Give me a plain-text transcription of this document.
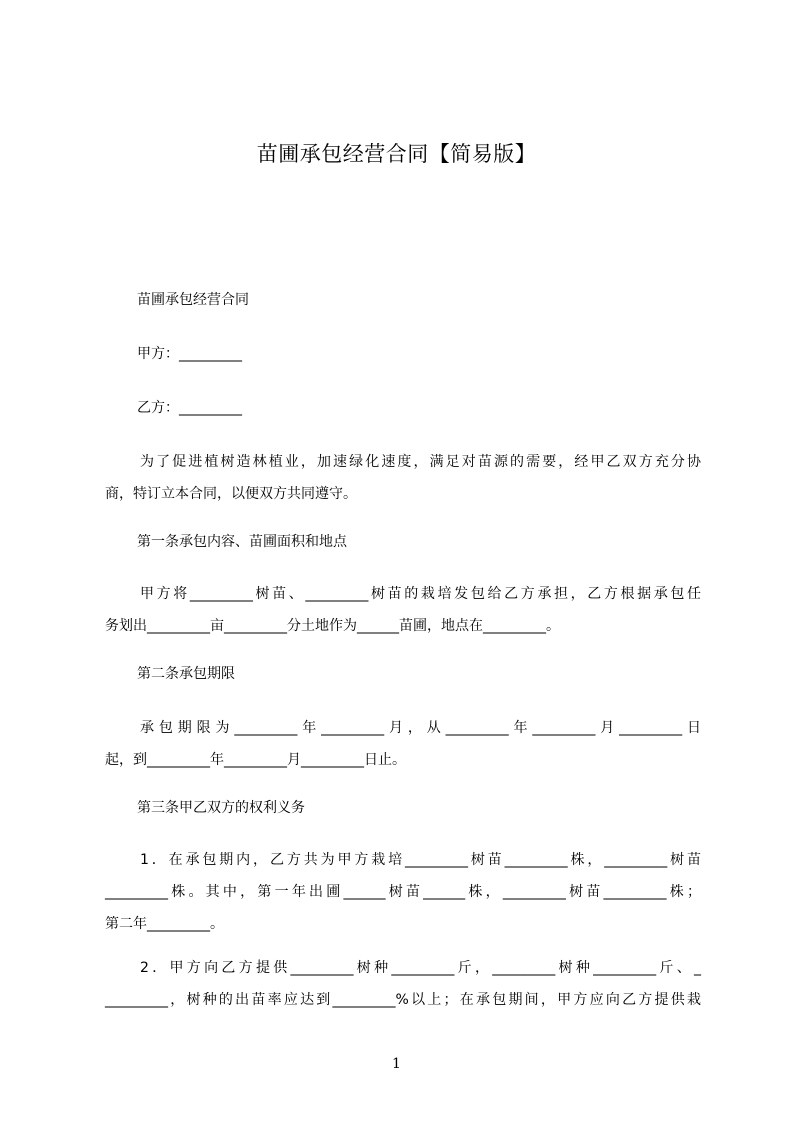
苗圃承包经营合同【简易版】
苗圃承包经营合同
甲方：_________
乙方：_________
为了促进植树造林植业，加速绿化速度，满足对苗源的需要，经甲乙双方充分协
商，特订立本合同，以便双方共同遵守。
第一条承包内容、苗圃面积和地点
甲方将_________树苗、_________树苗的栽培发包给乙方承担，乙方根据承包任
务划出_________亩_________分土地作为______苗圃，地点在_________。
第二条承包期限
承包期限为_________年_________月，从_________年_________月_________日
起，到_________年_________月_________日止。
第三条甲乙双方的权利义务
1．在承包期内，乙方共为甲方栽培_________树苗_________株，_________树苗
_________株。其中，第一年出圃______树苗______株，_________树苗_________株；
第二年_________。
2．甲方向乙方提供_________树种_________斤，_________树种_________斤、_
_________，树种的出苗率应达到_________%以上；在承包期间，甲方应向乙方提供栽
1
